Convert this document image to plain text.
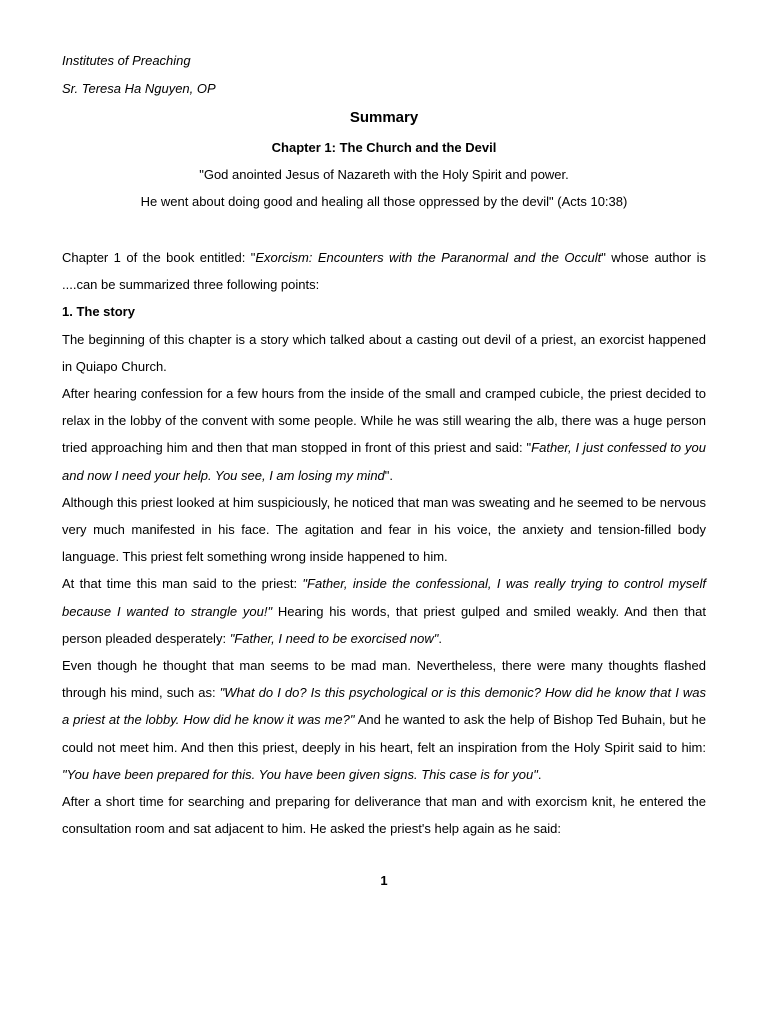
Institutes of Preaching
Sr. Teresa Ha Nguyen, OP
Summary
Chapter 1: The Church and the Devil
"God anointed Jesus of Nazareth with the Holy Spirit and power.
He went about doing good and healing all those oppressed by the devil" (Acts 10:38)

Chapter 1 of the book entitled: "Exorcism: Encounters with the Paranormal and the Occult" whose author is ....can be summarized three following points:

1. The story

The beginning of this chapter is a story which talked about a casting out devil of a priest, an exorcist happened in Quiapo Church.

After hearing confession for a few hours from the inside of the small and cramped cubicle, the priest decided to relax in the lobby of the convent with some people. While he was still wearing the alb, there was a huge person tried approaching him and then that man stopped in front of this priest and said: "Father, I just confessed to you and now I need your help. You see, I am losing my mind".

Although this priest looked at him suspiciously, he noticed that man was sweating and he seemed to be nervous very much manifested in his face. The agitation and fear in his voice, the anxiety and tension-filled body language. This priest felt something wrong inside happened to him.

At that time this man said to the priest: "Father, inside the confessional, I was really trying to control myself because I wanted to strangle you!" Hearing his words, that priest gulped and smiled weakly. And then that person pleaded desperately: "Father, I need to be exorcised now".

Even though he thought that man seems to be mad man. Nevertheless, there were many thoughts flashed through his mind, such as: "What do I do? Is this psychological or is this demonic? How did he know that I was a priest at the lobby. How did he know it was me?" And he wanted to ask the help of Bishop Ted Buhain, but he could not meet him. And then this priest, deeply in his heart, felt an inspiration from the Holy Spirit said to him: "You have been prepared for this. You have been given signs. This case is for you".

After a short time for searching and preparing for deliverance that man and with exorcism knit, he entered the consultation room and sat adjacent to him. He asked the priest's help again as he said:

1
